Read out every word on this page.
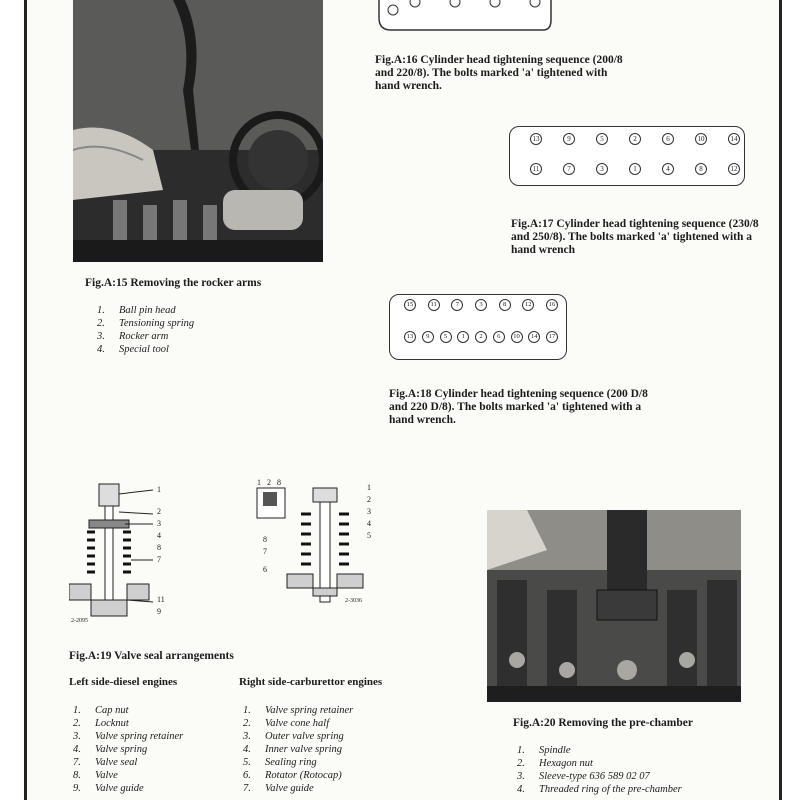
Fig.A:15 Removing the rocker arms
1. Ball pin head
2. Tensioning spring
3. Rocker arm
4. Special tool
Fig.A:16 Cylinder head tightening sequence (200/8 and 220/8). The bolts marked 'a' tightened with hand wrench.
13	9	5	2	6	10	14
11	7	3	1	4	8	12
Fig.A:17 Cylinder head tightening sequence (230/8 and 250/8). The bolts marked 'a' tightened with a hand wrench
15	11	7	3	8	12	16
13	9	5	1	2	6	10	14	17
Fig.A:18 Cylinder head tightening sequence (200 D/8 and 220 D/8). The bolts marked 'a' tightened with a hand wrench.
1
2
3
4
8
7
11
9
2-2095
1 2 8
1
2
3
4
5
8
7
6
2-3036
Fig.A:19 Valve seal arrangements
Left side-diesel engines	Right side-carburettor engines
1. Cap nut
2. Locknut
3. Valve spring retainer
4. Valve spring
7. Valve seal
8. Valve
9. Valve guide
1. Valve spring retainer
2. Valve cone half
3. Outer valve spring
4. Inner valve spring
5. Sealing ring
6. Rotator (Rotocap)
7. Valve guide
Fig.A:20 Removing the pre-chamber
1. Spindle
2. Hexagon nut
3. Sleeve-type 636 589 02 07
4. Threaded ring of the pre-chamber
